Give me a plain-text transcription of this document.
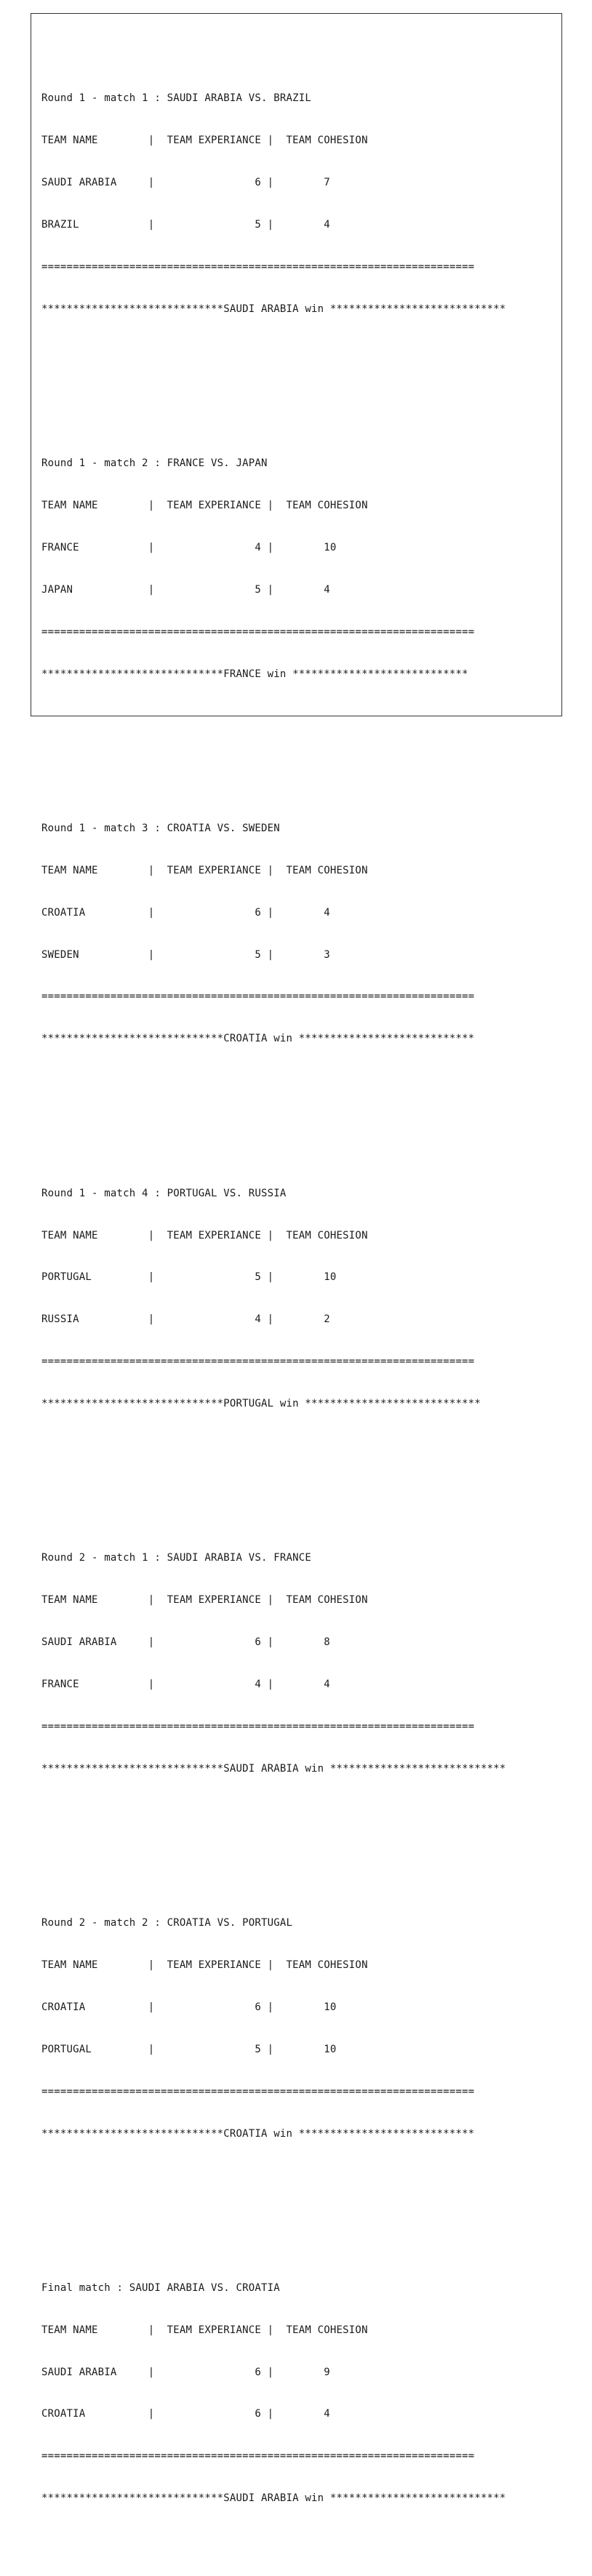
Round 1 - match 1 : SAUDI ARABIA VS. BRAZIL

TEAM NAME        |  TEAM EXPERIANCE |  TEAM COHESION

SAUDI ARABIA     |                6 |        7

BRAZIL           |                5 |        4

=====================================================================

*****************************SAUDI ARABIA win ****************************

Round 1 - match 2 : FRANCE VS. JAPAN

TEAM NAME        |  TEAM EXPERIANCE |  TEAM COHESION

FRANCE           |                4 |        10

JAPAN            |                5 |        4

=====================================================================

*****************************FRANCE win ****************************

Round 1 - match 3 : CROATIA VS. SWEDEN

TEAM NAME        |  TEAM EXPERIANCE |  TEAM COHESION

CROATIA          |                6 |        4

SWEDEN           |                5 |        3

=====================================================================

*****************************CROATIA win ****************************

Round 1 - match 4 : PORTUGAL VS. RUSSIA

TEAM NAME        |  TEAM EXPERIANCE |  TEAM COHESION

PORTUGAL         |                5 |        10

RUSSIA           |                4 |        2

=====================================================================

*****************************PORTUGAL win ****************************

Round 2 - match 1 : SAUDI ARABIA VS. FRANCE

TEAM NAME        |  TEAM EXPERIANCE |  TEAM COHESION

SAUDI ARABIA     |                6 |        8

FRANCE           |                4 |        4

=====================================================================

*****************************SAUDI ARABIA win ****************************

Round 2 - match 2 : CROATIA VS. PORTUGAL

TEAM NAME        |  TEAM EXPERIANCE |  TEAM COHESION

CROATIA          |                6 |        10

PORTUGAL         |                5 |        10

=====================================================================

*****************************CROATIA win ****************************

Final match : SAUDI ARABIA VS. CROATIA

TEAM NAME        |  TEAM EXPERIANCE |  TEAM COHESION

SAUDI ARABIA     |                6 |        9

CROATIA          |                6 |        4

=====================================================================

*****************************SAUDI ARABIA win ****************************
